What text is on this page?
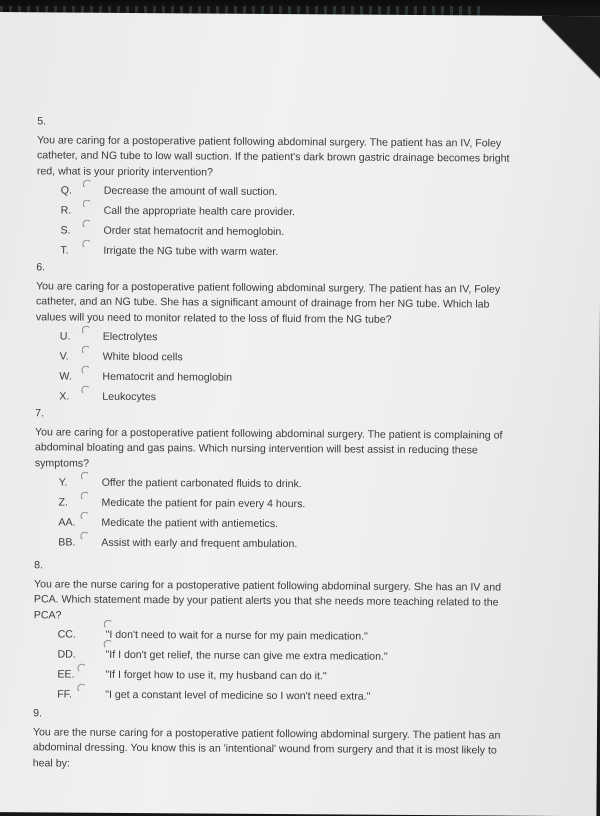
5.
You are caring for a postoperative patient following abdominal surgery. The patient has an IV, Foley catheter, and NG tube to low wall suction. If the patient's dark brown gastric drainage becomes bright red, what is your priority intervention?
Q.	Decrease the amount of wall suction.
R.	Call the appropriate health care provider.
S.	Order stat hematocrit and hemoglobin.
T.	Irrigate the NG tube with warm water.
6.
You are caring for a postoperative patient following abdominal surgery. The patient has an IV, Foley catheter, and an NG tube. She has a significant amount of drainage from her NG tube. Which lab values will you need to monitor related to the loss of fluid from the NG tube?
U.	Electrolytes
V.	White blood cells
W.	Hematocrit and hemoglobin
X.	Leukocytes
7.
You are caring for a postoperative patient following abdominal surgery. The patient is complaining of abdominal bloating and gas pains. Which nursing intervention will best assist in reducing these symptoms?
Y.	Offer the patient carbonated fluids to drink.
Z.	Medicate the patient for pain every 4 hours.
AA.	Medicate the patient with antiemetics.
BB.	Assist with early and frequent ambulation.
8.
You are the nurse caring for a postoperative patient following abdominal surgery. She has an IV and PCA. Which statement made by your patient alerts you that she needs more teaching related to the PCA?
CC.	"I don't need to wait for a nurse for my pain medication."
DD.	"If I don't get relief, the nurse can give me extra medication."
EE.	"If I forget how to use it, my husband can do it."
FF.	"I get a constant level of medicine so I won't need extra."
9.
You are the nurse caring for a postoperative patient following abdominal surgery. The patient has an abdominal dressing. You know this is an 'intentional' wound from surgery and that it is most likely to heal by:
